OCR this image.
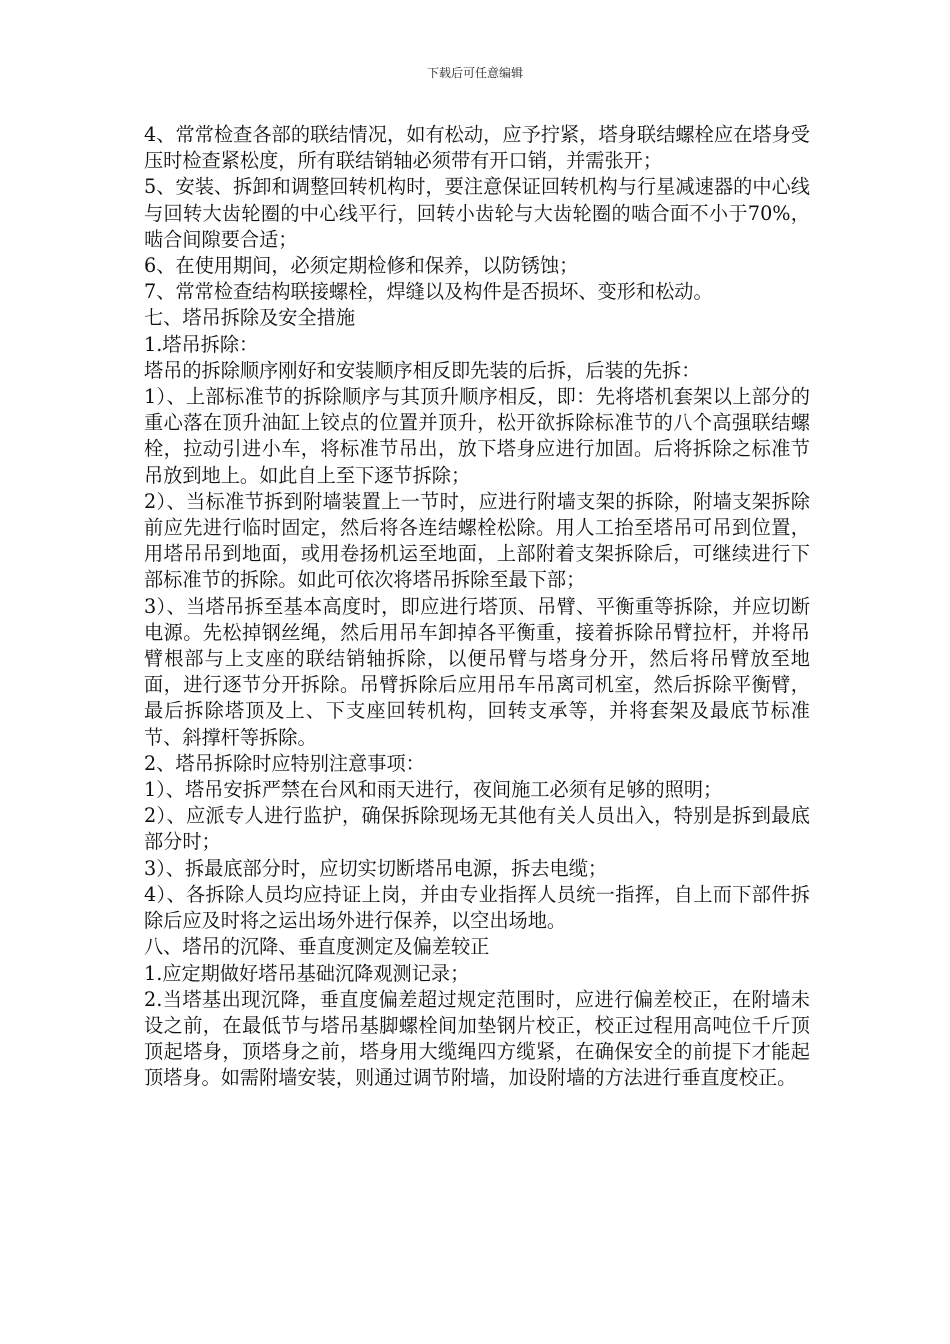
下载后可任意编辑

4、常常检查各部的联结情况，如有松动，应予拧紧，塔身联结螺栓应在塔身受压时检查紧松度，所有联结销轴必须带有开口销，并需张开；

5、安装、拆卸和调整回转机构时，要注意保证回转机构与行星减速器的中心线与回转大齿轮圈的中心线平行，回转小齿轮与大齿轮圈的啮合面不小于70%，啮合间隙要合适；

6、在使用期间，必须定期检修和保养，以防锈蚀；

7、常常检查结构联接螺栓，焊缝以及构件是否损坏、变形和松动。

七、塔吊拆除及安全措施

1.塔吊拆除：

塔吊的拆除顺序刚好和安装顺序相反即先装的后拆，后装的先拆：

1）、上部标准节的拆除顺序与其顶升顺序相反，即：先将塔机套架以上部分的重心落在顶升油缸上铰点的位置并顶升，松开欲拆除标准节的八个高强联结螺栓，拉动引进小车，将标准节吊出，放下塔身应进行加固。后将拆除之标准节吊放到地上。如此自上至下逐节拆除；

2）、当标准节拆到附墙装置上一节时，应进行附墙支架的拆除，附墙支架拆除前应先进行临时固定，然后将各连结螺栓松除。用人工抬至塔吊可吊到位置，用塔吊吊到地面，或用卷扬机运至地面，上部附着支架拆除后，可继续进行下部标准节的拆除。如此可依次将塔吊拆除至最下部；

3）、当塔吊拆至基本高度时，即应进行塔顶、吊臂、平衡重等拆除，并应切断电源。先松掉钢丝绳，然后用吊车卸掉各平衡重，接着拆除吊臂拉杆，并将吊臂根部与上支座的联结销轴拆除，以便吊臂与塔身分开，然后将吊臂放至地面，进行逐节分开拆除。吊臂拆除后应用吊车吊离司机室，然后拆除平衡臂，最后拆除塔顶及上、下支座回转机构，回转支承等，并将套架及最底节标准节、斜撑杆等拆除。

2、塔吊拆除时应特别注意事项：

1）、塔吊安拆严禁在台风和雨天进行，夜间施工必须有足够的照明；

2）、应派专人进行监护，确保拆除现场无其他有关人员出入，特别是拆到最底部分时；

3）、拆最底部分时，应切实切断塔吊电源，拆去电缆；

4）、各拆除人员均应持证上岗，并由专业指挥人员统一指挥，自上而下部件拆除后应及时将之运出场外进行保养，以空出场地。

八、塔吊的沉降、垂直度测定及偏差较正

1.应定期做好塔吊基础沉降观测记录；

2.当塔基出现沉降，垂直度偏差超过规定范围时，应进行偏差校正，在附墙未设之前，在最低节与塔吊基脚螺栓间加垫钢片校正，校正过程用高吨位千斤顶顶起塔身，顶塔身之前，塔身用大缆绳四方缆紧，在确保安全的前提下才能起顶塔身。如需附墙安装，则通过调节附墙，加设附墙的方法进行垂直度校正。
